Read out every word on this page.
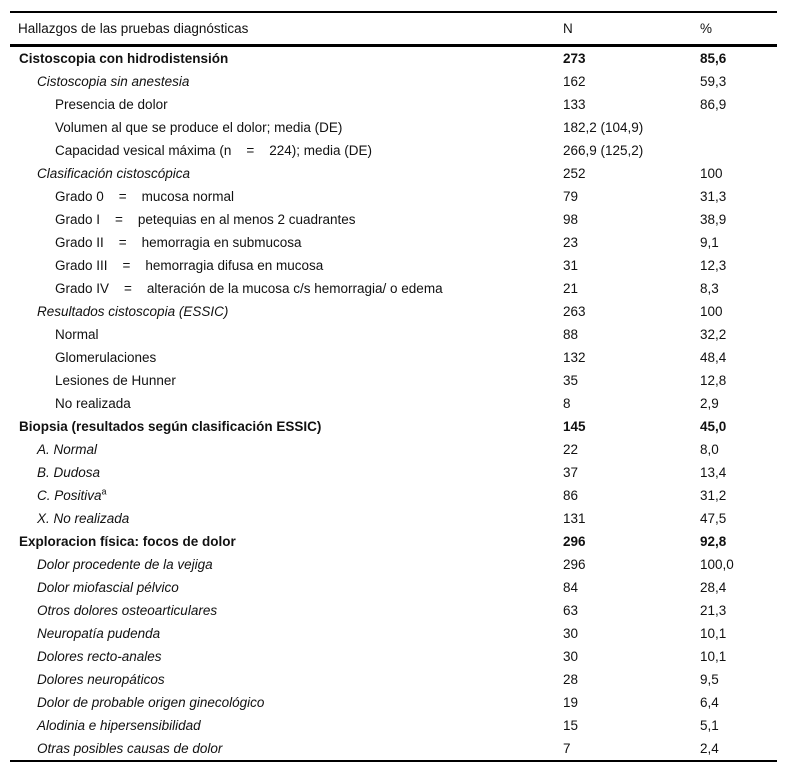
Hallazgos de las pruebas diagnósticas	N	%
Cistoscopia con hidrodistensión	273	85,6
Cistoscopia sin anestesia	162	59,3
Presencia de dolor	133	86,9
Volumen al que se produce el dolor; media (DE)	182,2 (104,9)
Capacidad vesical máxima (n    =    224); media (DE)	266,9 (125,2)
Clasificación cistoscópica	252	100
Grado 0    =    mucosa normal	79	31,3
Grado I    =    petequias en al menos 2 cuadrantes	98	38,9
Grado II    =    hemorragia en submucosa	23	9,1
Grado III    =    hemorragia difusa en mucosa	31	12,3
Grado IV    =    alteración de la mucosa c/s hemorragia/ o edema	21	8,3
Resultados cistoscopia (ESSIC)	263	100
Normal	88	32,2
Glomerulaciones	132	48,4
Lesiones de Hunner	35	12,8
No realizada	8	2,9
Biopsia (resultados según clasificación ESSIC)	145	45,0
A. Normal	22	8,0
B. Dudosa	37	13,4
C. Positiva$^a$	86	31,2
X. No realizada	131	47,5
Exploracion física: focos de dolor	296	92,8
Dolor procedente de la vejiga	296	100,0
Dolor miofascial pélvico	84	28,4
Otros dolores osteoarticulares	63	21,3
Neuropatía pudenda	30	10,1
Dolores recto-anales	30	10,1
Dolores neuropáticos	28	9,5
Dolor de probable origen ginecológico	19	6,4
Alodinia e hipersensibilidad	15	5,1
Otras posibles causas de dolor	7	2,4
